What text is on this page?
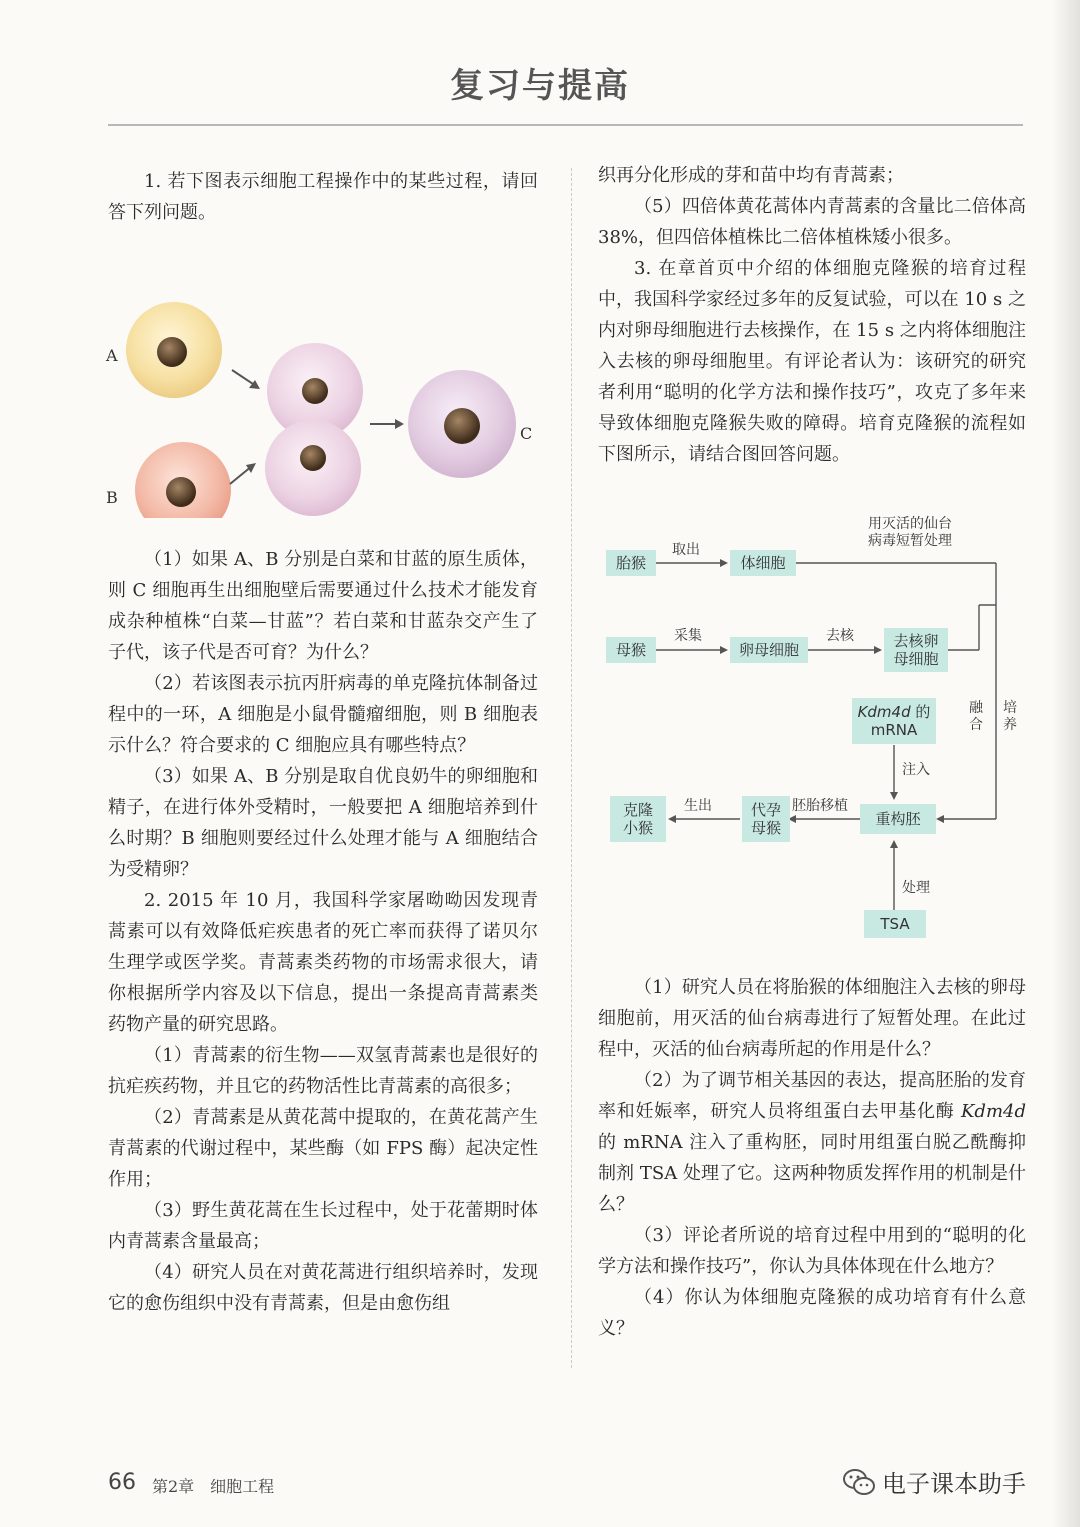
复习与提高

1. 若下图表示细胞工程操作中的某些过程，请回答下列问题。

A
B
C

（1）如果 A、B 分别是白菜和甘蓝的原生质体，则 C 细胞再生出细胞壁后需要通过什么技术才能发育成杂种植株“白菜—甘蓝”？若白菜和甘蓝杂交产生了子代，该子代是否可育？为什么？

（2）若该图表示抗丙肝病毒的单克隆抗体制备过程中的一环，A 细胞是小鼠骨髓瘤细胞，则 B 细胞表示什么？符合要求的 C 细胞应具有哪些特点？

（3）如果 A、B 分别是取自优良奶牛的卵细胞和精子，在进行体外受精时，一般要把 A 细胞培养到什么时期？B 细胞则要经过什么处理才能与 A 细胞结合为受精卵？

2. 2015 年 10 月，我国科学家屠呦呦因发现青蒿素可以有效降低疟疾患者的死亡率而获得了诺贝尔生理学或医学奖。青蒿素类药物的市场需求很大，请你根据所学内容及以下信息，提出一条提高青蒿素类药物产量的研究思路。

（1）青蒿素的衍生物——双氢青蒿素也是很好的抗疟疾药物，并且它的药物活性比青蒿素的高很多；

（2）青蒿素是从黄花蒿中提取的，在黄花蒿产生青蒿素的代谢过程中，某些酶（如 FPS 酶）起决定性作用；

（3）野生黄花蒿在生长过程中，处于花蕾期时体内青蒿素含量最高；

（4）研究人员在对黄花蒿进行组织培养时，发现它的愈伤组织中没有青蒿素，但是由愈伤组

织再分化形成的芽和苗中均有青蒿素；

（5）四倍体黄花蒿体内青蒿素的含量比二倍体高 38%，但四倍体植株比二倍体植株矮小很多。

3. 在章首页中介绍的体细胞克隆猴的培育过程中，我国科学家经过多年的反复试验，可以在 10 s 之内对卵母细胞进行去核操作，在 15 s 之内将体细胞注入去核的卵母细胞里。有评论者认为：该研究的研究者利用“聪明的化学方法和操作技巧”，攻克了多年来导致体细胞克隆猴失败的障碍。培育克隆猴的流程如下图所示，请结合图回答问题。

胎猴	体细胞
母猴	卵母细胞	去核卵
母细胞
Kdm4d 的
mRNA
重构胚
代孕
母猴
克隆
小猴
取出
用灭活的仙台
病毒短暂处理
采集	去核
融
合
培
养
注入
胚胎移植
生出
处理
TSA

（1）研究人员在将胎猴的体细胞注入去核的卵母细胞前，用灭活的仙台病毒进行了短暂处理。在此过程中，灭活的仙台病毒所起的作用是什么？

（2）为了调节相关基因的表达，提高胚胎的发育率和妊娠率，研究人员将组蛋白去甲基化酶 Kdm4d 的 mRNA 注入了重构胚，同时用组蛋白脱乙酰酶抑制剂 TSA 处理了它。这两种物质发挥作用的机制是什么？

（3）评论者所说的培育过程中用到的“聪明的化学方法和操作技巧”，你认为具体体现在什么地方？

（4）你认为体细胞克隆猴的成功培育有什么意义？

66 第2章　细胞工程	电子课本助手
